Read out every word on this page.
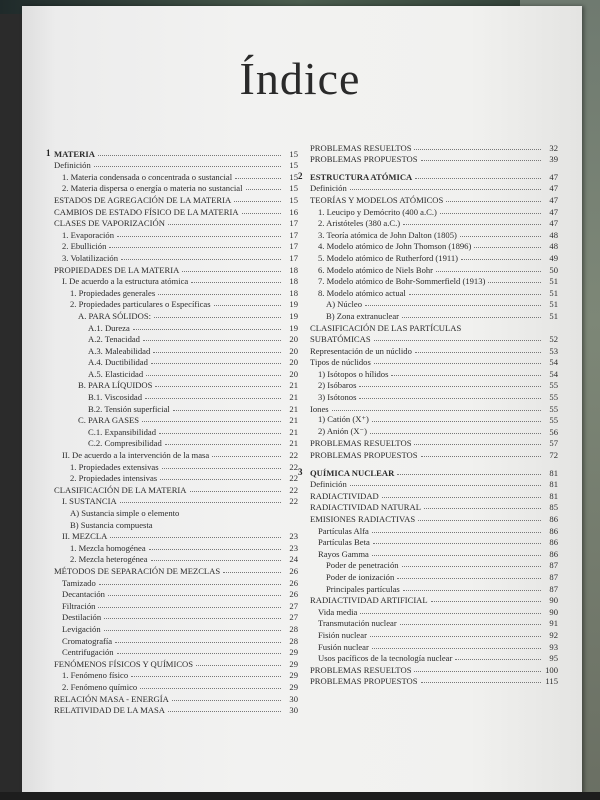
Índice
1 MATERIA	15
Definición	15
1. Materia condensada o concentrada o sustancial	15
2. Materia dispersa o energía o materia no sustancial	15
ESTADOS DE AGREGACIÓN DE LA MATERIA	15
CAMBIOS DE ESTADO FÍSICO DE LA MATERIA	16
CLASES DE VAPORIZACIÓN	17
1. Evaporación	17
2. Ebullición	17
3. Volatilización	17
PROPIEDADES DE LA MATERIA	18
I. De acuerdo a la estructura atómica	18
1. Propiedades generales	18
2. Propiedades particulares o Específicas	19
A. PARA SÓLIDOS:	19
A.1. Dureza	19
A.2. Tenacidad	20
A.3. Maleabilidad	20
A.4. Ductibilidad	20
A.5. Elasticidad	20
B. PARA LÍQUIDOS	21
B.1. Viscosidad	21
B.2. Tensión superficial	21
C. PARA GASES	21
C.1. Expansibilidad	21
C.2. Compresibilidad	21
II. De acuerdo a la intervención de la masa	22
1. Propiedades extensivas	22
2. Propiedades intensivas	22
CLASIFICACIÓN DE LA MATERIA	22
I. SUSTANCIA	22
A) Sustancia simple o elemento
B) Sustancia compuesta
II. MEZCLA	23
1. Mezcla homogénea	23
2. Mezcla heterogénea	24
MÉTODOS DE SEPARACIÓN DE MEZCLAS	26
Tamizado	26
Decantación	26
Filtración	27
Destilación	27
Levigación	28
Cromatografía	28
Centrifugación	29
FENÓMENOS FÍSICOS Y QUÍMICOS	29
1. Fenómeno físico	29
2. Fenómeno químico	29
RELACIÓN MASA - ENERGÍA	30
RELATIVIDAD DE LA MASA	30
PROBLEMAS RESUELTOS	32
PROBLEMAS PROPUESTOS	39
2 ESTRUCTURA ATÓMICA	47
Definición	47
TEORÍAS Y MODELOS ATÓMICOS	47
1. Leucipo y Demócrito (400 a.C.)	47
2. Aristóteles (380 a.C.)	47
3. Teoría atómica de John Dalton (1805)	48
4. Modelo atómico de John Thomson (1896)	48
5. Modelo atómico de Rutherford (1911)	49
6. Modelo atómico de Niels Bohr	50
7. Modelo atómico de Bohr-Sommerfield (1913)	51
8. Modelo atómico actual	51
A) Núcleo	51
B) Zona extranuclear	51
CLASIFICACIÓN DE LAS PARTÍCULAS
SUBATÓMICAS	52
Representación de un núclido	53
Tipos de núclidos	54
1) Isótopos o hílidos	54
2) Isóbaros	55
3) Isótonos	55
Iones	55
1) Catión (X⁺)	55
2) Anión (X⁻)	56
PROBLEMAS RESUELTOS	57
PROBLEMAS PROPUESTOS	72
3 QUÍMICA NUCLEAR	81
Definición	81
RADIACTIVIDAD	81
RADIACTIVIDAD NATURAL	85
EMISIONES RADIACTIVAS	86
Partículas Alfa	86
Partículas Beta	86
Rayos Gamma	86
Poder de penetración	87
Poder de ionización	87
Principales partículas	87
RADIACTIVIDAD ARTIFICIAL	90
Vida media	90
Transmutación nuclear	91
Fisión nuclear	92
Fusión nuclear	93
Usos pacíficos de la tecnología nuclear	95
PROBLEMAS RESUELTOS	100
PROBLEMAS PROPUESTOS	115
